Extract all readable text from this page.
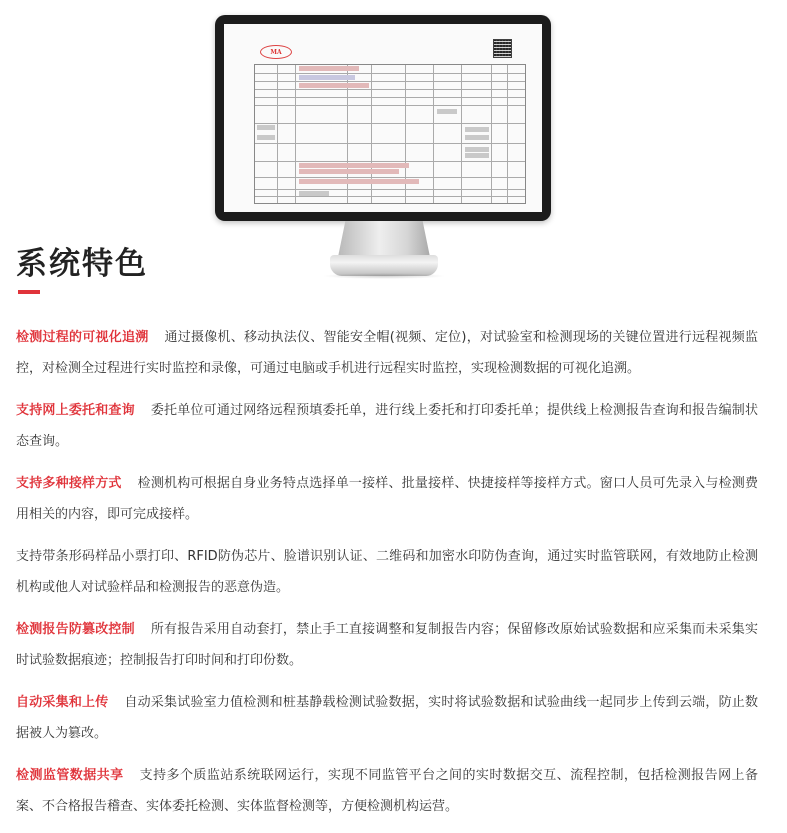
MA
系统特色

检测过程的可视化追溯 通过摄像机、移动执法仪、智能安全帽(视频、定位)，对试验室和检测现场的关键位置进行远程视频监控，对检测全过程进行实时监控和录像，可通过电脑或手机进行远程实时监控，实现检测数据的可视化追溯。

支持网上委托和查询 委托单位可通过网络远程预填委托单，进行线上委托和打印委托单；提供线上检测报告查询和报告编制状态查询。

支持多种接样方式 检测机构可根据自身业务特点选择单一接样、批量接样、快捷接样等接样方式。窗口人员可先录入与检测费用相关的内容，即可完成接样。

支持带条形码样品小票打印、RFID防伪芯片、脸谱识别认证、二维码和加密水印防伪查询，通过实时监管联网，有效地防止检测机构或他人对试验样品和检测报告的恶意伪造。

检测报告防篡改控制 所有报告采用自动套打，禁止手工直接调整和复制报告内容；保留修改原始试验数据和应采集而未采集实时试验数据痕迹；控制报告打印时间和打印份数。

自动采集和上传 自动采集试验室力值检测和桩基静载检测试验数据，实时将试验数据和试验曲线一起同步上传到云端，防止数据被人为篡改。

检测监管数据共享 支持多个质监站系统联网运行，实现不同监管平台之间的实时数据交互、流程控制，包括检测报告网上备案、不合格报告稽查、实体委托检测、实体监督检测等，方便检测机构运营。
